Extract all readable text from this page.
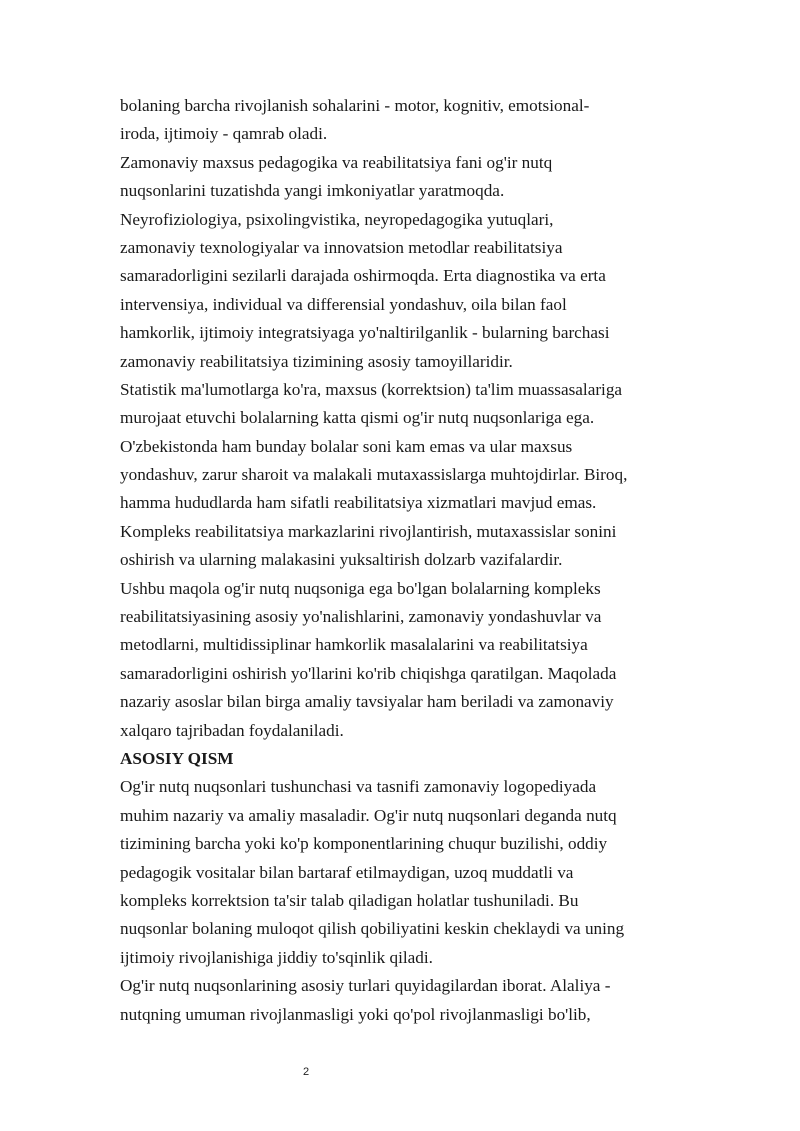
bolaning barcha rivojlanish sohalarini - motor, kognitiv, emotsional-
iroda, ijtimoiy - qamrab oladi.
Zamonaviy maxsus pedagogika va reabilitatsiya fani og'ir nutq
nuqsonlarini tuzatishda yangi imkoniyatlar yaratmoqda.
Neyrofiziologiya, psixolingvistika, neyropedagogika yutuqlari,
zamonaviy texnologiyalar va innovatsion metodlar reabilitatsiya
samaradorligini sezilarli darajada oshirmoqda. Erta diagnostika va erta
intervensiya, individual va differensial yondashuv, oila bilan faol
hamkorlik, ijtimoiy integratsiyaga yo'naltirilganlik - bularning barchasi
zamonaviy reabilitatsiya tizimining asosiy tamoyillaridir.
Statistik ma'lumotlarga ko'ra, maxsus (korrektsion) ta'lim muassasalariga
murojaat etuvchi bolalarning katta qismi og'ir nutq nuqsonlariga ega.
O'zbekistonda ham bunday bolalar soni kam emas va ular maxsus
yondashuv, zarur sharoit va malakali mutaxassislarga muhtojdirlar. Biroq,
hamma hududlarda ham sifatli reabilitatsiya xizmatlari mavjud emas.
Kompleks reabilitatsiya markazlarini rivojlantirish, mutaxassislar sonini
oshirish va ularning malakasini yuksaltirish dolzarb vazifalardir.
Ushbu maqola og'ir nutq nuqsoniga ega bo'lgan bolalarning kompleks
reabilitatsiyasining asosiy yo'nalishlarini, zamonaviy yondashuvlar va
metodlarni, multidissiplinar hamkorlik masalalarini va reabilitatsiya
samaradorligini oshirish yo'llarini ko'rib chiqishga qaratilgan. Maqolada
nazariy asoslar bilan birga amaliy tavsiyalar ham beriladi va zamonaviy
xalqaro tajribadan foydalaniladi.
ASOSIY QISM
Og'ir nutq nuqsonlari tushunchasi va tasnifi zamonaviy logopediyada
muhim nazariy va amaliy masaladir. Og'ir nutq nuqsonlari deganda nutq
tizimining barcha yoki ko'p komponentlarining chuqur buzilishi, oddiy
pedagogik vositalar bilan bartaraf etilmaydigan, uzoq muddatli va
kompleks korrektsion ta'sir talab qiladigan holatlar tushuniladi. Bu
nuqsonlar bolaning muloqot qilish qobiliyatini keskin cheklaydi va uning
ijtimoiy rivojlanishiga jiddiy to'sqinlik qiladi.
Og'ir nutq nuqsonlarining asosiy turlari quyidagilardan iborat. Alaliya -
nutqning umuman rivojlanmasligi yoki qo'pol rivojlanmasligi bo'lib,
2
